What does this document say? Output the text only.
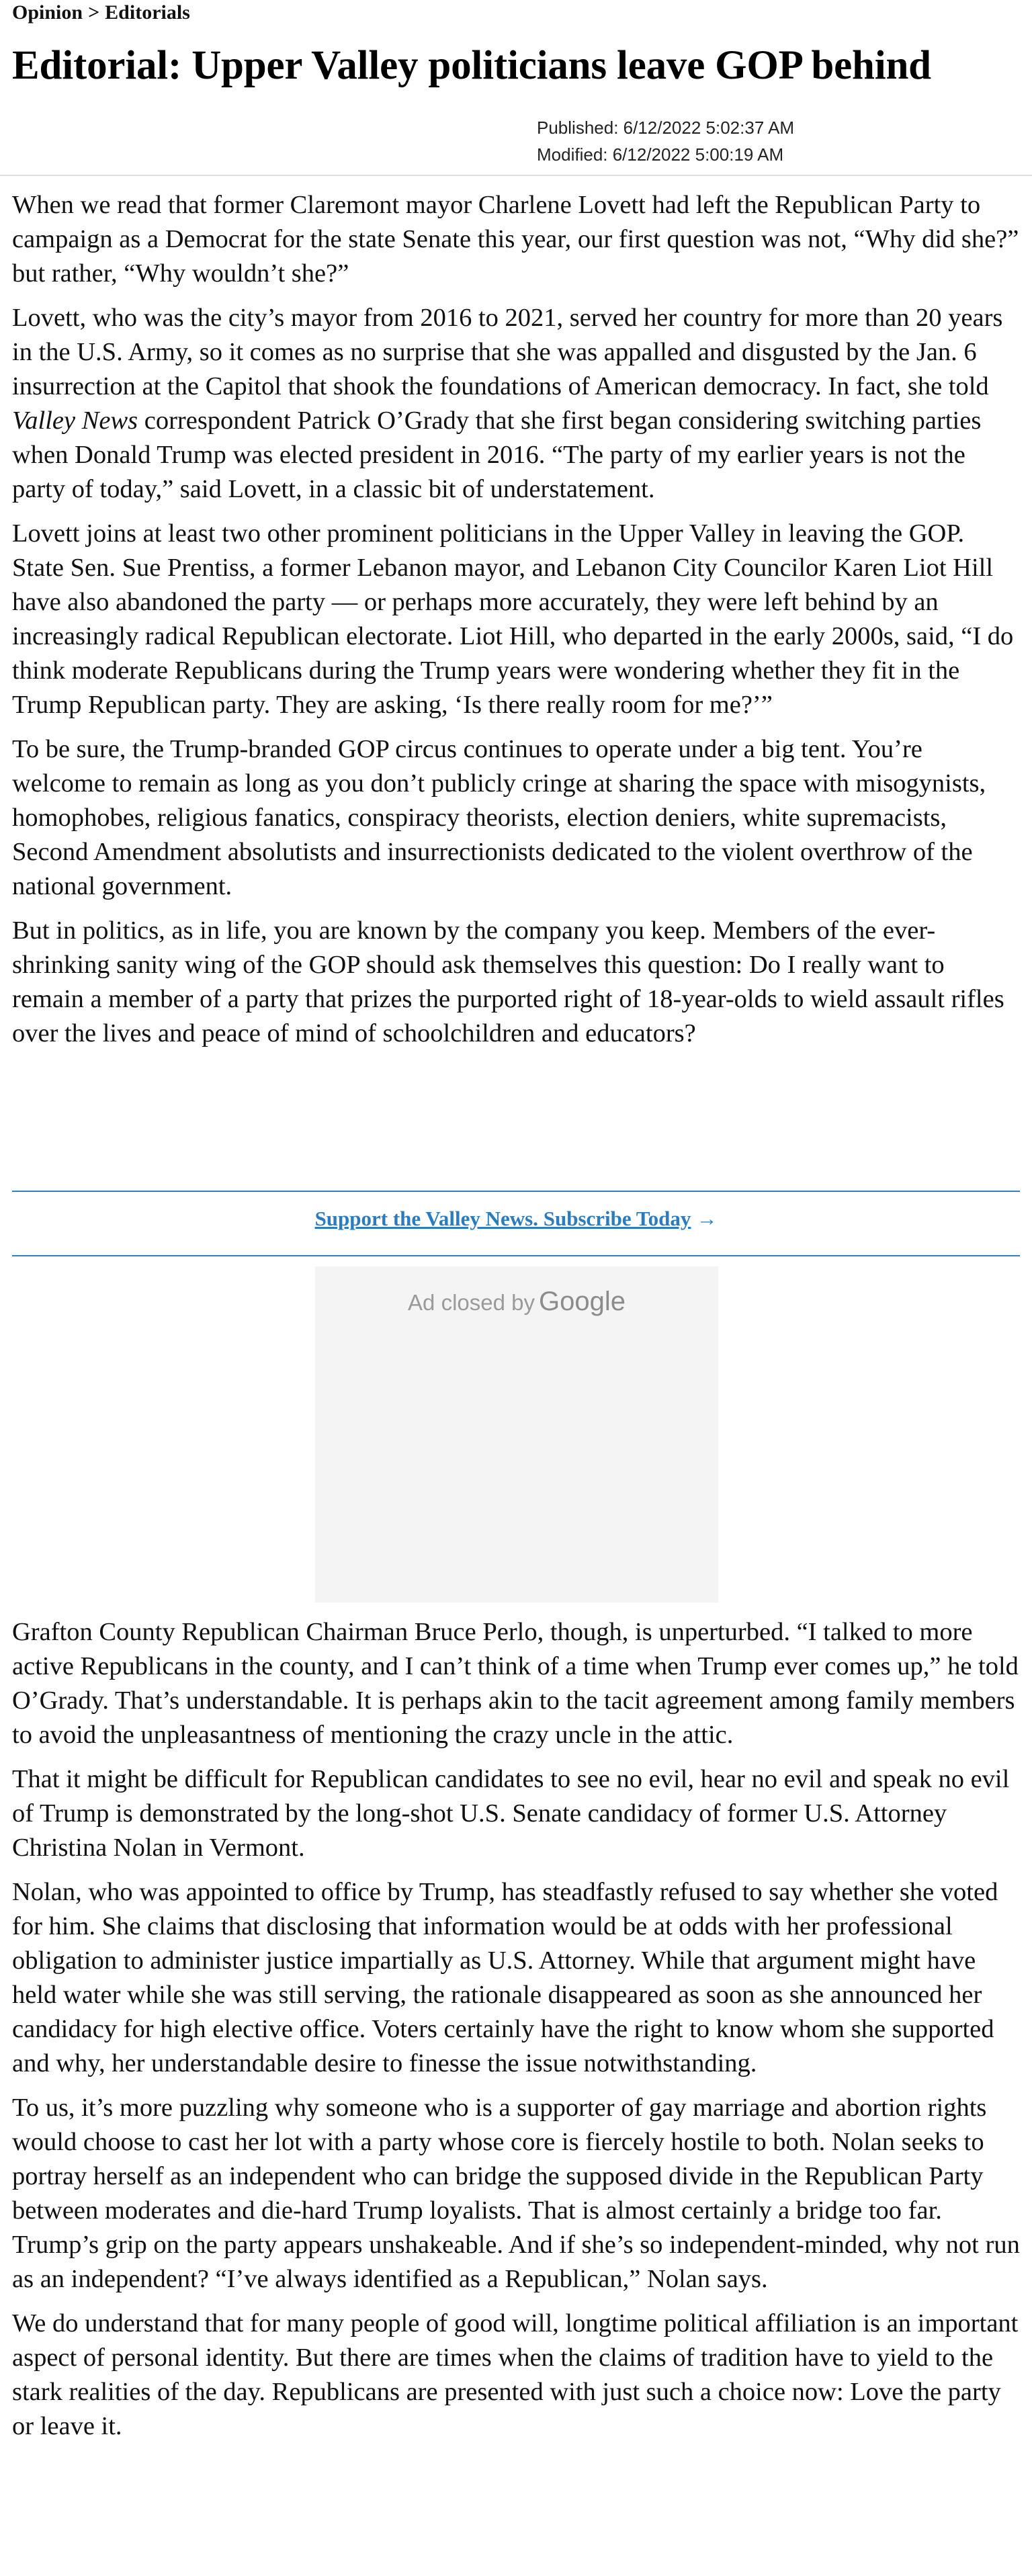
Opinion > Editorials
Editorial: Upper Valley politicians leave GOP behind
Published: 6/12/2022 5:02:37 AM
Modified: 6/12/2022 5:00:19 AM

When we read that former Claremont mayor Charlene Lovett had left the Republican Party to campaign as a Democrat for the state Senate this year, our first question was not, “Why did she?” but rather, “Why wouldn’t she?”

Lovett, who was the city’s mayor from 2016 to 2021, served her country for more than 20 years in the U.S. Army, so it comes as no surprise that she was appalled and disgusted by the Jan. 6 insurrection at the Capitol that shook the foundations of American democracy. In fact, she told Valley News correspondent Patrick O’Grady that she first began considering switching parties when Donald Trump was elected president in 2016. “The party of my earlier years is not the party of today,” said Lovett, in a classic bit of understatement.

Lovett joins at least two other prominent politicians in the Upper Valley in leaving the GOP. State Sen. Sue Prentiss, a former Lebanon mayor, and Lebanon City Councilor Karen Liot Hill have also abandoned the party — or perhaps more accurately, they were left behind by an increasingly radical Republican electorate. Liot Hill, who departed in the early 2000s, said, “I do think moderate Republicans during the Trump years were wondering whether they fit in the Trump Republican party. They are asking, ‘Is there really room for me?’”

To be sure, the Trump-branded GOP circus continues to operate under a big tent. You’re welcome to remain as long as you don’t publicly cringe at sharing the space with misogynists, homophobes, religious fanatics, conspiracy theorists, election deniers, white supremacists, Second Amendment absolutists and insurrectionists dedicated to the violent overthrow of the national government.

But in politics, as in life, you are known by the company you keep. Members of the ever-shrinking sanity wing of the GOP should ask themselves this question: Do I really want to remain a member of a party that prizes the purported right of 18-year-olds to wield assault rifles over the lives and peace of mind of schoolchildren and educators?

Support the Valley News. Subscribe Today →
Ad closed by Google

Grafton County Republican Chairman Bruce Perlo, though, is unperturbed. “I talked to more active Republicans in the county, and I can’t think of a time when Trump ever comes up,” he told O’Grady. That’s understandable. It is perhaps akin to the tacit agreement among family members to avoid the unpleasantness of mentioning the crazy uncle in the attic.

That it might be difficult for Republican candidates to see no evil, hear no evil and speak no evil of Trump is demonstrated by the long-shot U.S. Senate candidacy of former U.S. Attorney Christina Nolan in Vermont.

Nolan, who was appointed to office by Trump, has steadfastly refused to say whether she voted for him. She claims that disclosing that information would be at odds with her professional obligation to administer justice impartially as U.S. Attorney. While that argument might have held water while she was still serving, the rationale disappeared as soon as she announced her candidacy for high elective office. Voters certainly have the right to know whom she supported and why, her understandable desire to finesse the issue notwithstanding.

To us, it’s more puzzling why someone who is a supporter of gay marriage and abortion rights would choose to cast her lot with a party whose core is fiercely hostile to both. Nolan seeks to portray herself as an independent who can bridge the supposed divide in the Republican Party between moderates and die-hard Trump loyalists. That is almost certainly a bridge too far. Trump’s grip on the party appears unshakeable. And if she’s so independent-minded, why not run as an independent? “I’ve always identified as a Republican,” Nolan says.

We do understand that for many people of good will, longtime political affiliation is an important aspect of personal identity. But there are times when the claims of tradition have to yield to the stark realities of the day. Republicans are presented with just such a choice now: Love the party or leave it.
